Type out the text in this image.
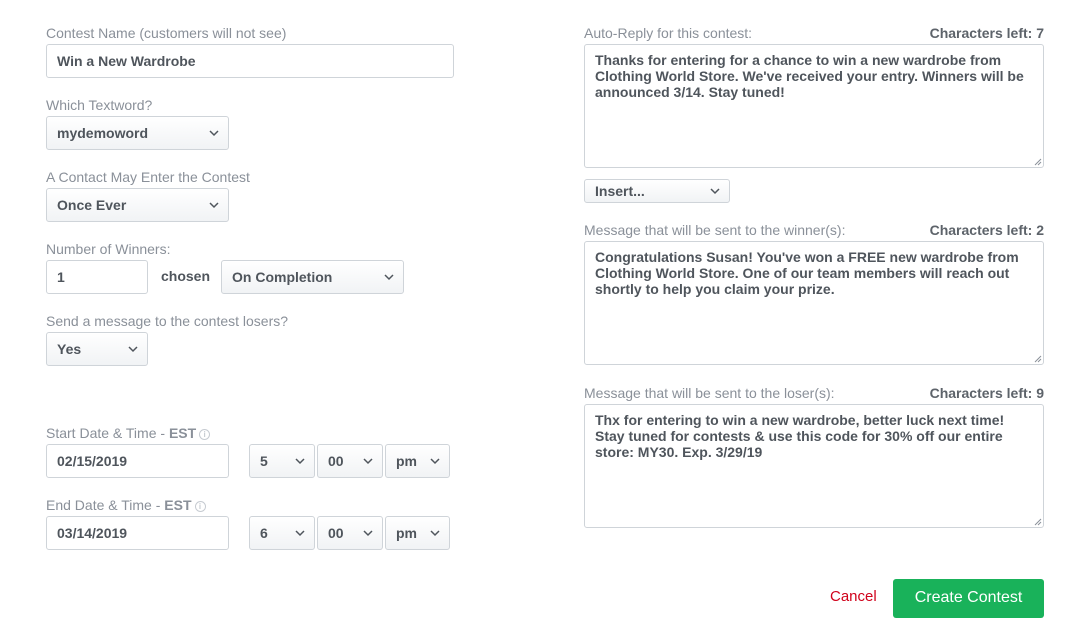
Contest Name (customers will not see)
Win a New Wardrobe
Which Textword?
mydemoword
A Contact May Enter the Contest
Once Ever
Number of Winners:
1	chosen	On Completion
Send a message to the contest losers?
Yes
Start Date & Time - EST i
02/15/2019	5	00	pm
End Date & Time - EST i
03/14/2019	6	00	pm
Auto-Reply for this contest:	Characters left: 7
Thanks for entering for a chance to win a new wardrobe from Clothing World Store. We've received your entry. Winners will be announced 3/14. Stay tuned!
Insert...
Message that will be sent to the winner(s):	Characters left: 2
Congratulations Susan! You've won a FREE new wardrobe from Clothing World Store. One of our team members will reach out shortly to help you claim your prize.
Message that will be sent to the loser(s):	Characters left: 9
Thx for entering to win a new wardrobe, better luck next time! Stay tuned for contests & use this code for 30% off our entire store: MY30. Exp. 3/29/19
Cancel	Create Contest
